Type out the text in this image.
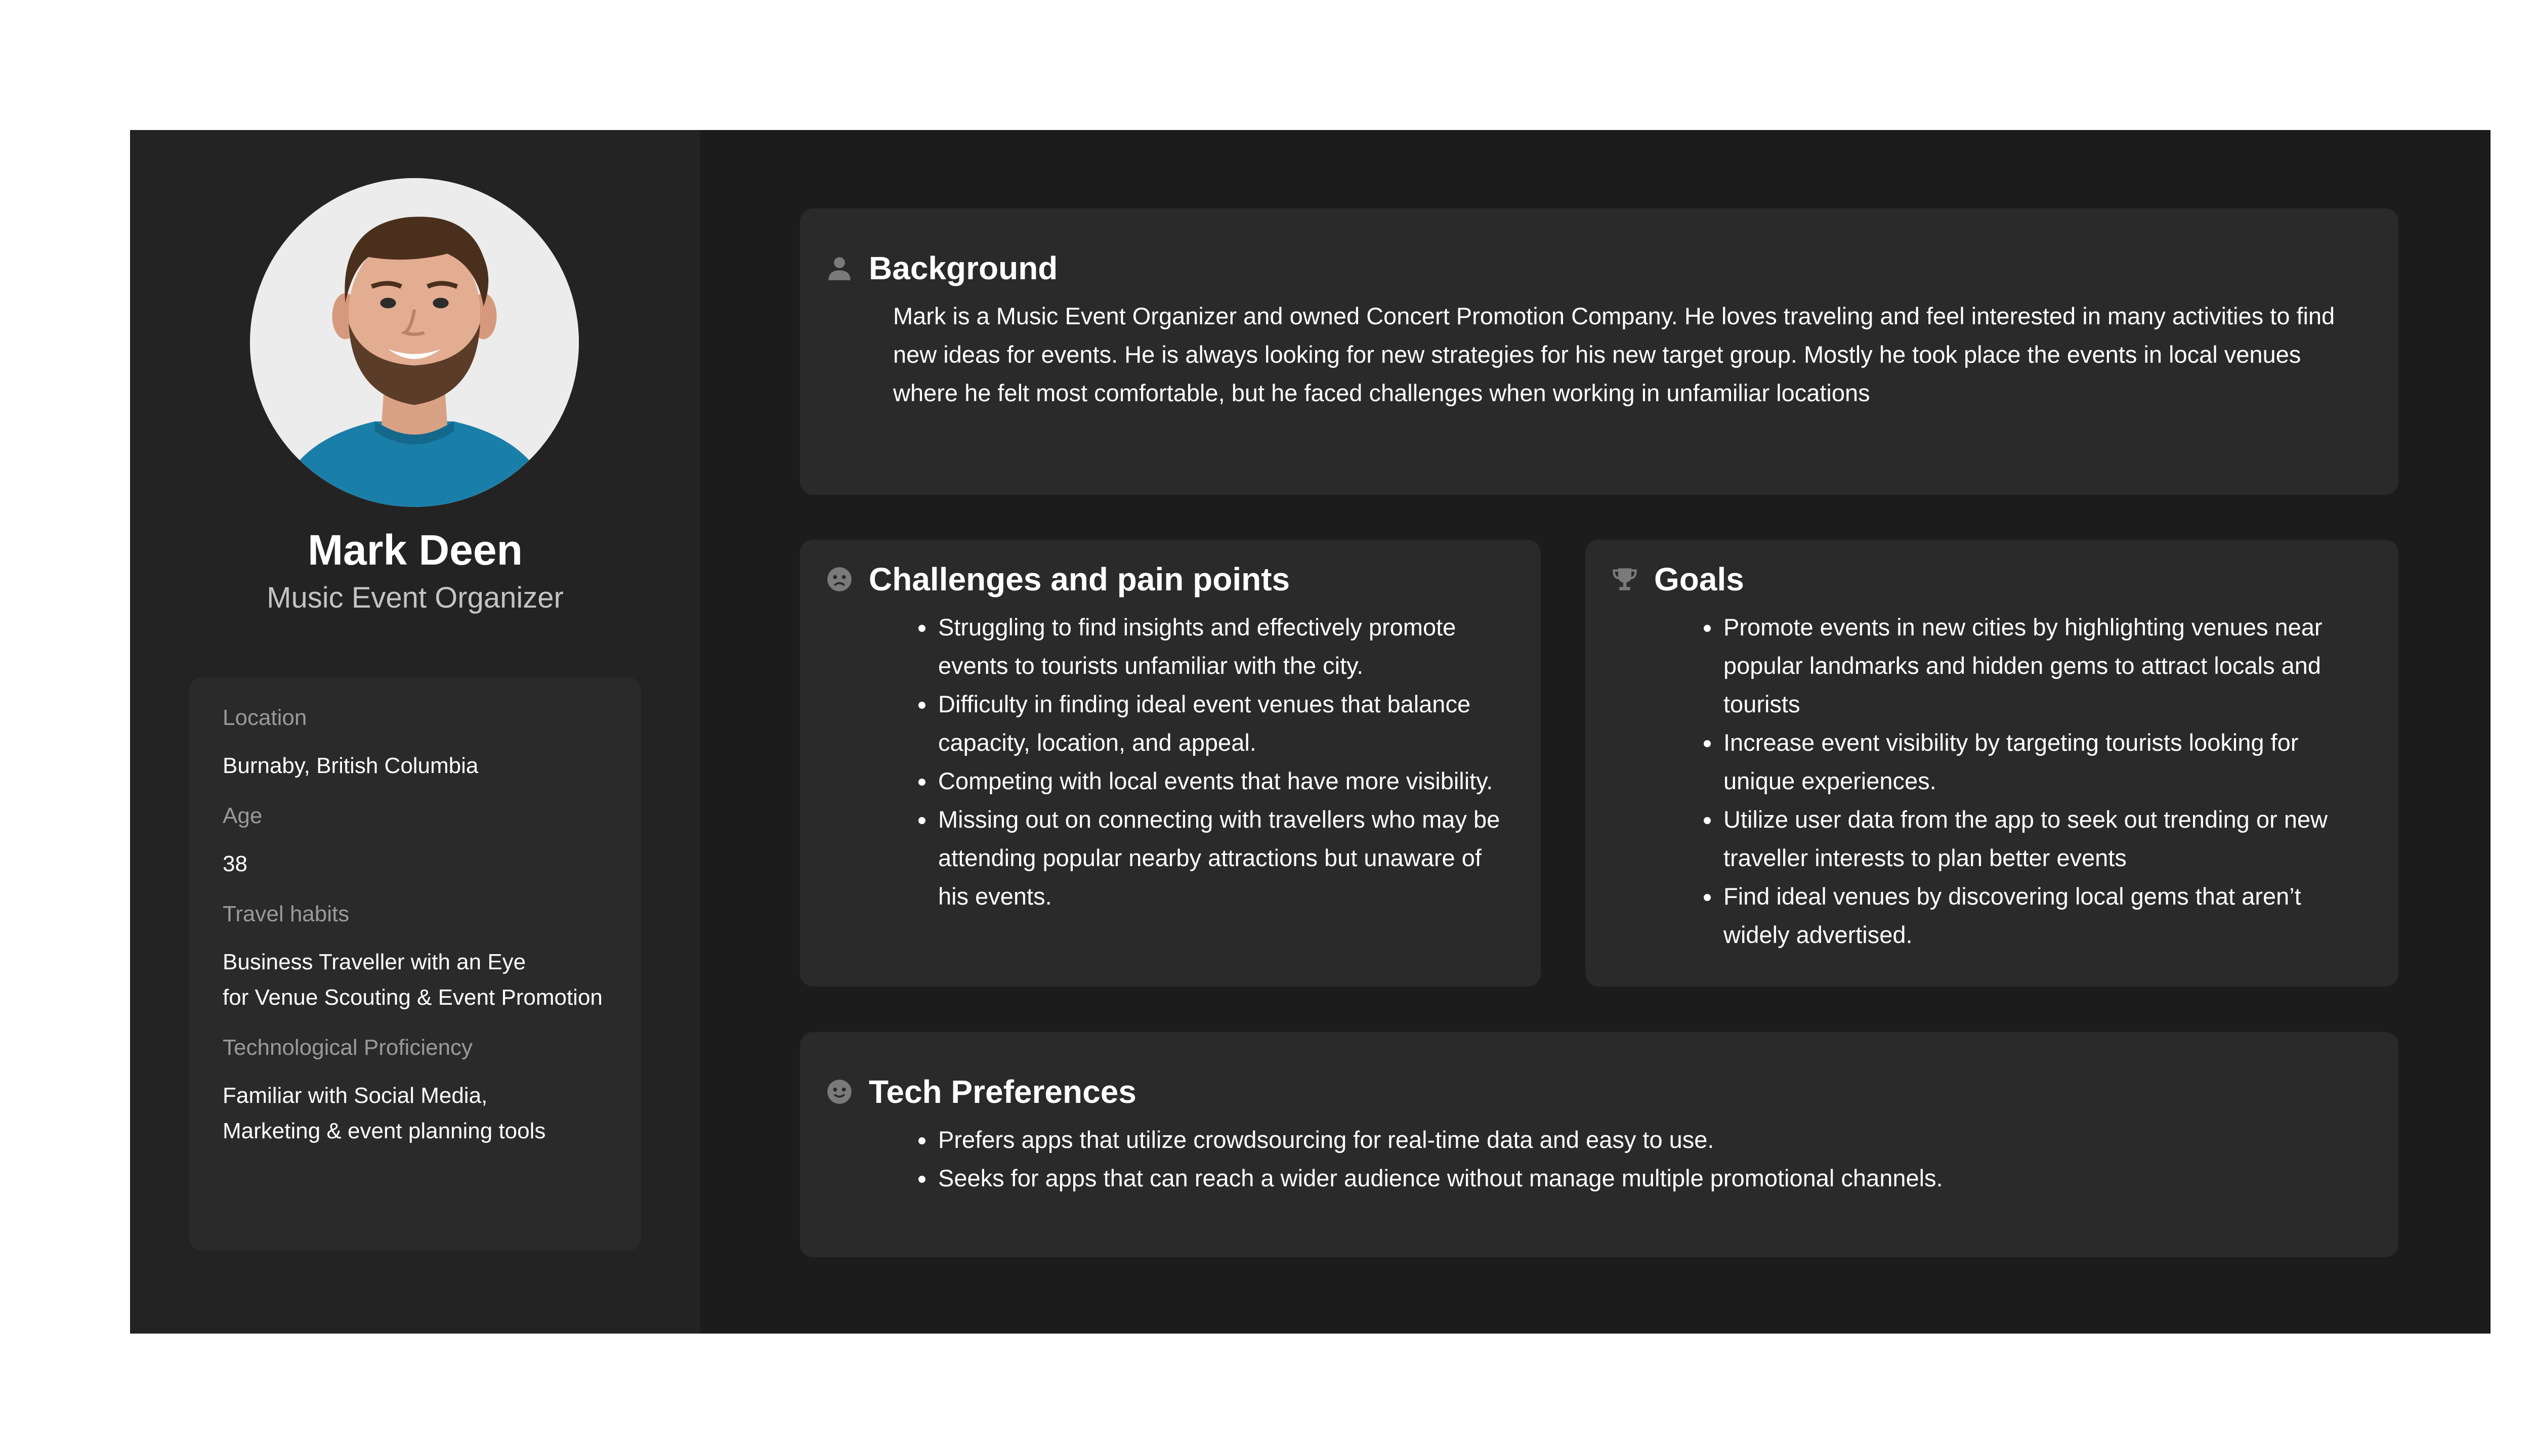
Mark Deen
Music Event Organizer
Location
Burnaby, British Columbia
Age
38
Travel habits
Business Traveller with an Eye
for Venue Scouting & Event Promotion
Technological Proficiency
Familiar with Social Media,
Marketing & event planning tools
Background
Mark is a Music Event Organizer and owned Concert Promotion Company. He loves traveling and feel interested in many activities to find new ideas for events. He is always looking for new strategies for his new target group. Mostly he took place the events in local venues where he felt most comfortable, but he faced challenges when working in unfamiliar locations
Challenges and pain points
• Struggling to find insights and effectively promote events to tourists unfamiliar with the city.
• Difficulty in finding ideal event venues that balance capacity, location, and appeal.
• Competing with local events that have more visibility.
• Missing out on connecting with travellers who may be attending popular nearby attractions but unaware of his events.
Goals
• Promote events in new cities by highlighting venues near popular landmarks and hidden gems to attract locals and tourists
• Increase event visibility by targeting tourists looking for unique experiences.
• Utilize user data from the app to seek out trending or new traveller interests to plan better events
• Find ideal venues by discovering local gems that aren’t widely advertised.
Tech Preferences
• Prefers apps that utilize crowdsourcing for real-time data and easy to use.
• Seeks for apps that can reach a wider audience without manage multiple promotional channels.
